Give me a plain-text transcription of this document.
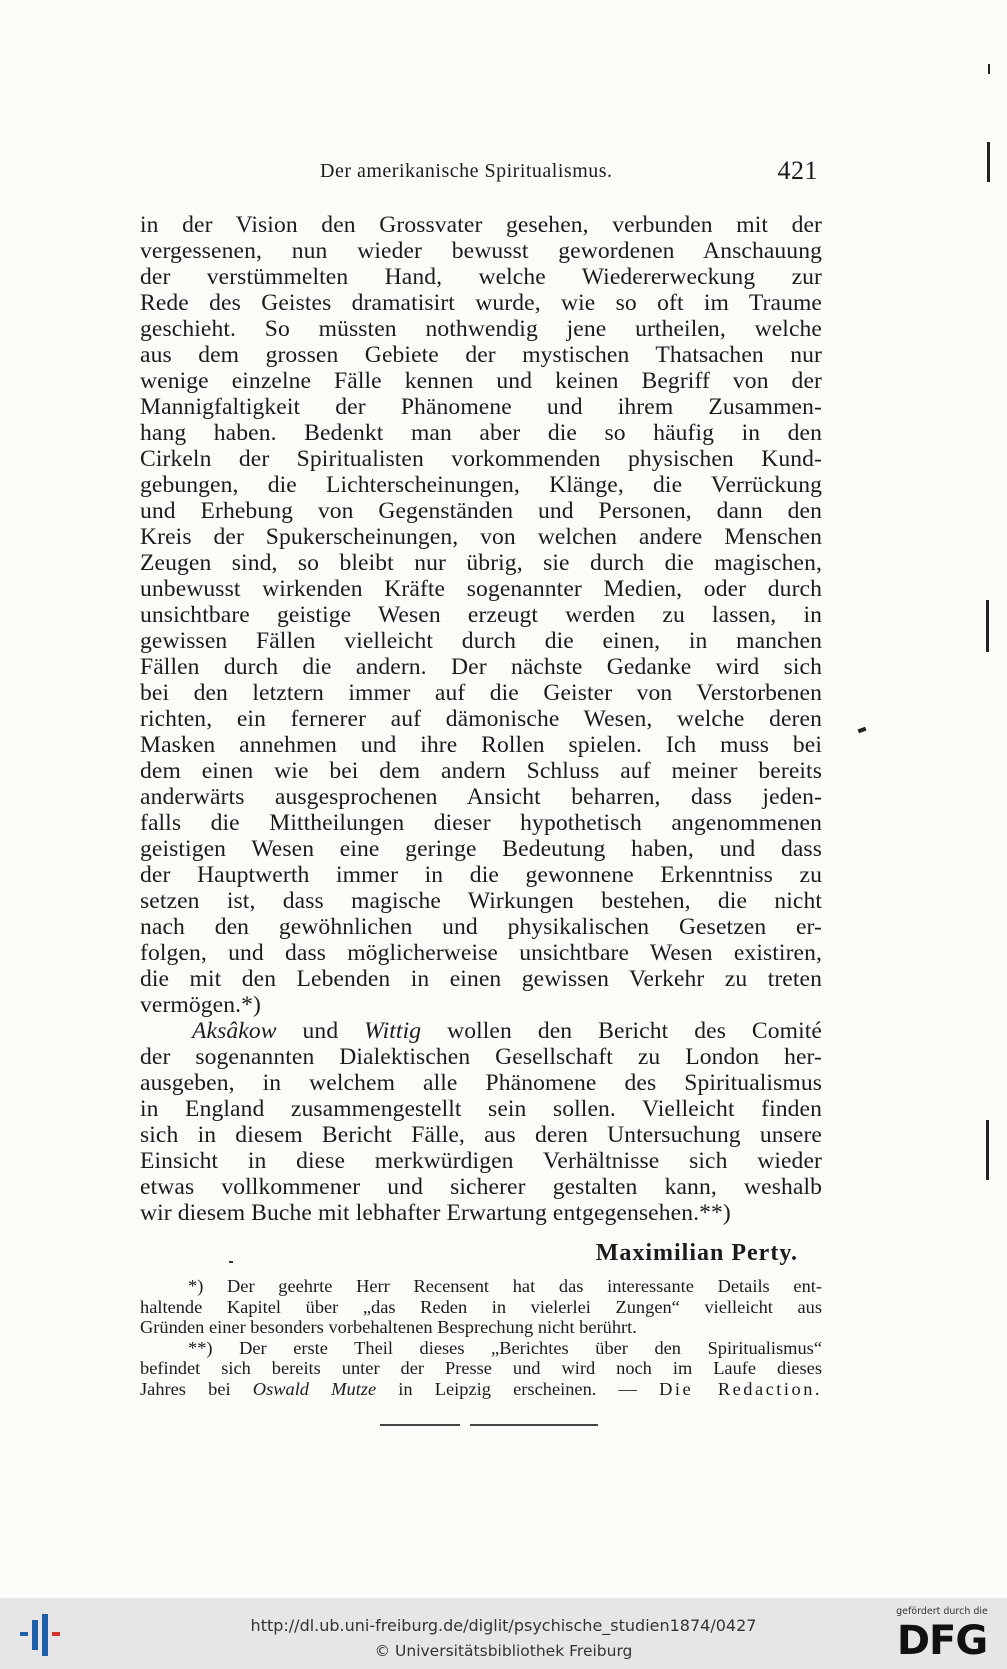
Der amerikanische Spiritualismus.	421
in der Vision den Grossvater gesehen, verbunden mit der
vergessenen, nun wieder bewusst gewordenen Anschauung
der verstümmelten Hand, welche Wiedererweckung zur
Rede des Geistes dramatisirt wurde, wie so oft im Traume
geschieht. So müssten nothwendig jene urtheilen, welche
aus dem grossen Gebiete der mystischen Thatsachen nur
wenige einzelne Fälle kennen und keinen Begriff von der
Mannigfaltigkeit der Phänomene und ihrem Zusammen-
hang haben. Bedenkt man aber die so häufig in den
Cirkeln der Spiritualisten vorkommenden physischen Kund-
gebungen, die Lichterscheinungen, Klänge, die Verrückung
und Erhebung von Gegenständen und Personen, dann den
Kreis der Spukerscheinungen, von welchen andere Menschen
Zeugen sind, so bleibt nur übrig, sie durch die magischen,
unbewusst wirkenden Kräfte sogenannter Medien, oder durch
unsichtbare geistige Wesen erzeugt werden zu lassen, in
gewissen Fällen vielleicht durch die einen, in manchen
Fällen durch die andern. Der nächste Gedanke wird sich
bei den letztern immer auf die Geister von Verstorbenen
richten, ein fernerer auf dämonische Wesen, welche deren
Masken annehmen und ihre Rollen spielen. Ich muss bei
dem einen wie bei dem andern Schluss auf meiner bereits
anderwärts ausgesprochenen Ansicht beharren, dass jeden-
falls die Mittheilungen dieser hypothetisch angenommenen
geistigen Wesen eine geringe Bedeutung haben, und dass
der Hauptwerth immer in die gewonnene Erkenntniss zu
setzen ist, dass magische Wirkungen bestehen, die nicht
nach den gewöhnlichen und physikalischen Gesetzen er-
folgen, und dass möglicherweise unsichtbare Wesen existiren,
die mit den Lebenden in einen gewissen Verkehr zu treten
vermögen.*)
Aksâkow und Wittig wollen den Bericht des Comité
der sogenannten Dialektischen Gesellschaft zu London her-
ausgeben, in welchem alle Phänomene des Spiritualismus
in England zusammengestellt sein sollen. Vielleicht finden
sich in diesem Bericht Fälle, aus deren Untersuchung unsere
Einsicht in diese merkwürdigen Verhältnisse sich wieder
etwas vollkommener und sicherer gestalten kann, weshalb
wir diesem Buche mit lebhafter Erwartung entgegensehen.**)
Maximilian Perty.
*) Der geehrte Herr Recensent hat das interessante Details ent-
haltende Kapitel über „das Reden in vielerlei Zungen“ vielleicht aus
Gründen einer besonders vorbehaltenen Besprechung nicht berührt.
**) Der erste Theil dieses „Berichtes über den Spiritualismus“
befindet sich bereits unter der Presse und wird noch im Laufe dieses
Jahres bei Oswald Mutze in Leipzig erscheinen. — Die Redaction.
http://dl.ub.uni-freiburg.de/diglit/psychische_studien1874/0427
© Universitätsbibliothek Freiburg
gefördert durch die
DFG
